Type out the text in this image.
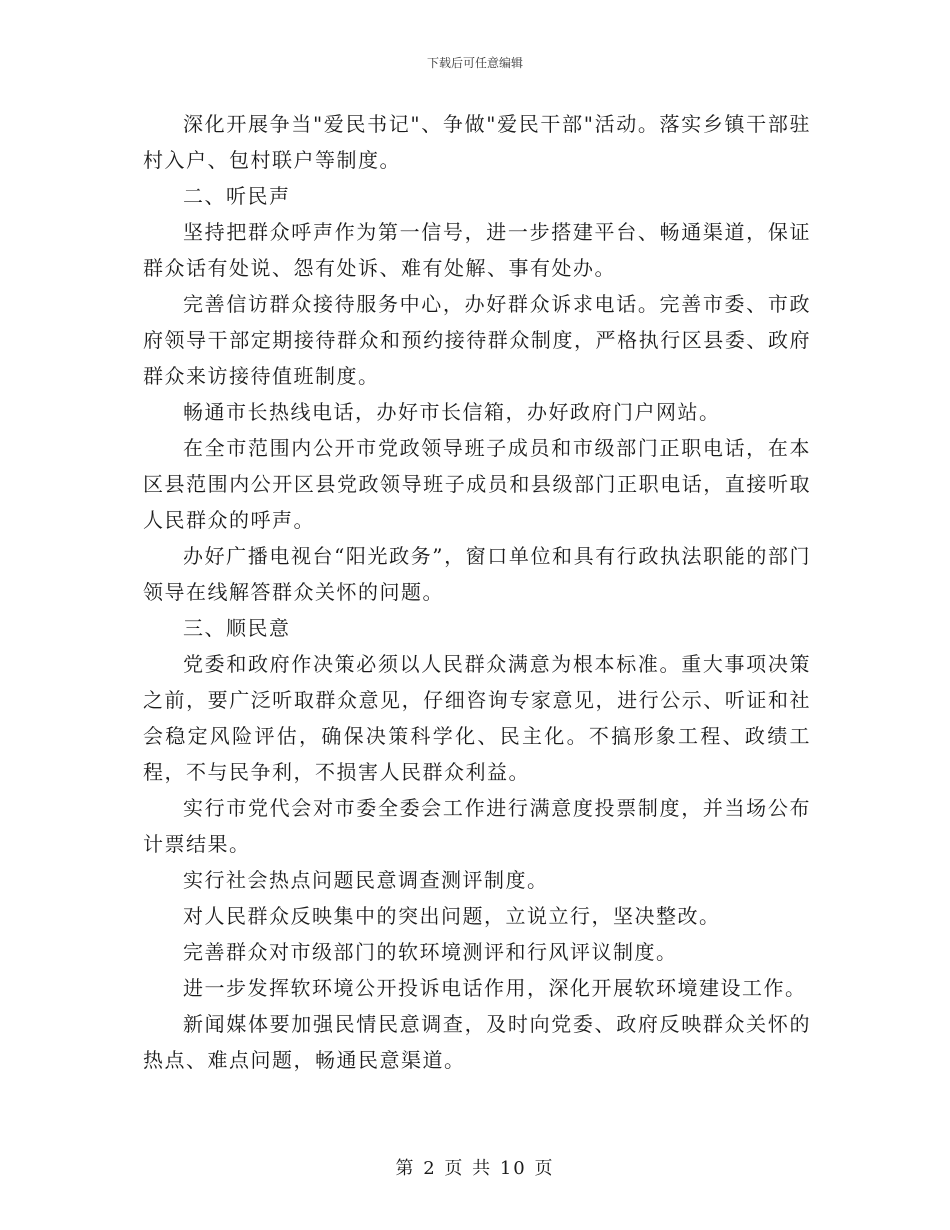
下载后可任意编辑

深化开展争当"爱民书记"、争做"爱民干部"活动。落实乡镇干部驻村入户、包村联户等制度。

二、听民声

坚持把群众呼声作为第一信号，进一步搭建平台、畅通渠道，保证群众话有处说、怨有处诉、难有处解、事有处办。

完善信访群众接待服务中心，办好群众诉求电话。完善市委、市政府领导干部定期接待群众和预约接待群众制度，严格执行区县委、政府群众来访接待值班制度。

畅通市长热线电话，办好市长信箱，办好政府门户网站。

在全市范围内公开市党政领导班子成员和市级部门正职电话，在本区县范围内公开区县党政领导班子成员和县级部门正职电话，直接听取人民群众的呼声。

办好广播电视台“阳光政务”，窗口单位和具有行政执法职能的部门领导在线解答群众关怀的问题。

三、顺民意

党委和政府作决策必须以人民群众满意为根本标准。重大事项决策之前，要广泛听取群众意见，仔细咨询专家意见，进行公示、听证和社会稳定风险评估，确保决策科学化、民主化。不搞形象工程、政绩工程，不与民争利，不损害人民群众利益。

实行市党代会对市委全委会工作进行满意度投票制度，并当场公布计票结果。

实行社会热点问题民意调查测评制度。

对人民群众反映集中的突出问题，立说立行，坚决整改。

完善群众对市级部门的软环境测评和行风评议制度。

进一步发挥软环境公开投诉电话作用，深化开展软环境建设工作。

新闻媒体要加强民情民意调查，及时向党委、政府反映群众关怀的热点、难点问题，畅通民意渠道。

第 2 页 共 10 页
